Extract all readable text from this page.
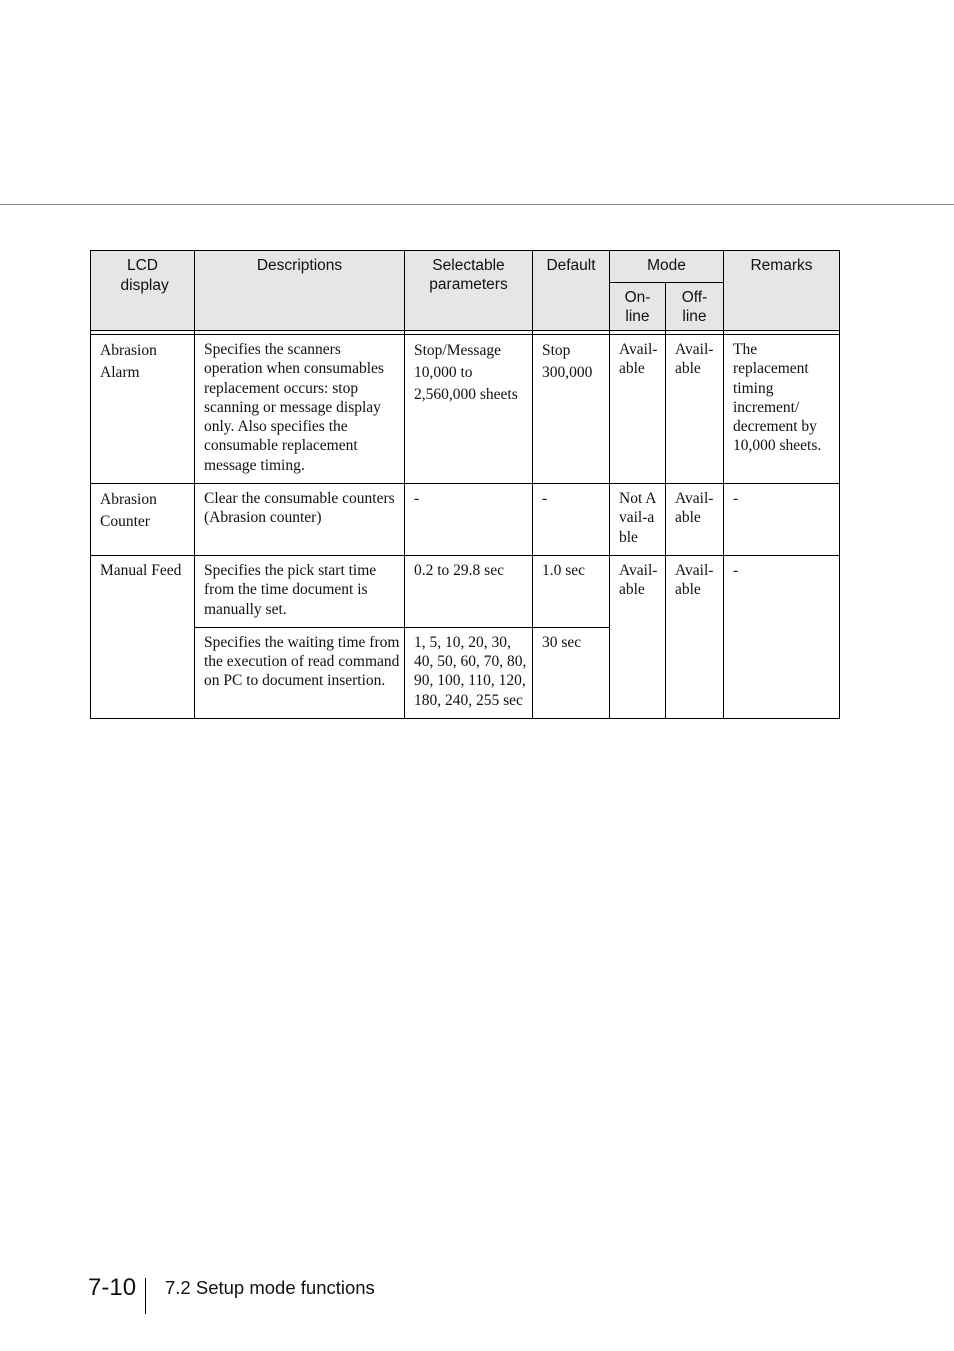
LCD display	Descriptions	Selectable parameters	Default	Mode		Remarks

				On-line	Off-line	

Abrasion Alarm	Specifies the scanners operation when consumables replacement occurs: stop scanning or message display only. Also specifies the consumable replacement message timing.	Stop/Message 10,000 to 2,560,000 sheets	Stop 300,000	Avail-able	Avail-able	The replacement timing increment/ decrement by 10,000 sheets.

Abrasion Counter	Clear the consumable counters (Abrasion counter)	-	-	Not Avail-able	Avail-able	-
Manual Feed	Specifies the pick start time from the time document is manually set.	0.2 to 29.8 sec	1.0 sec	Avail-able	Avail-able	-
	Specifies the waiting time from the execution of read command on PC to document insertion.	1, 5, 10, 20, 30, 40, 50, 60, 70, 80, 90, 100, 110, 120, 180, 240, 255 sec	30 sec			
7-10 7.2 Setup mode functions
